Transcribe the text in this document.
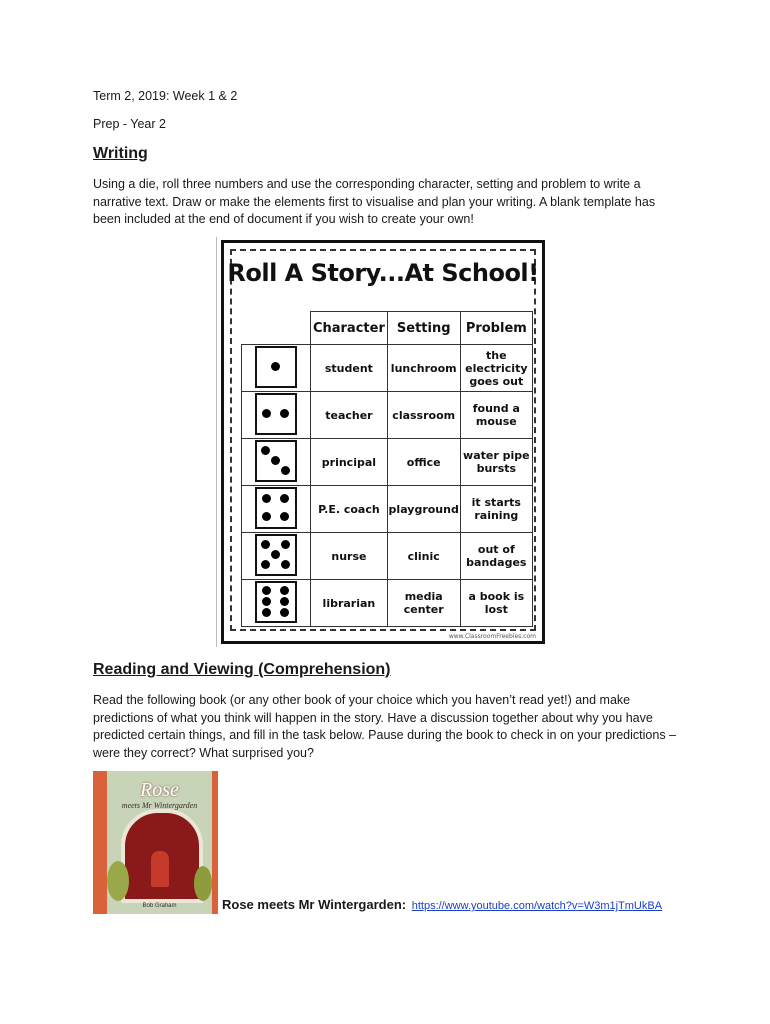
Term 2, 2019: Week 1 & 2
Prep - Year 2
Writing
Using a die, roll three numbers and use the corresponding character, setting and problem to write a narrative text. Draw or make the elements first to visualise and plan your writing. A blank template has been included at the end of document if you wish to create your own!
Roll A Story...At School!
	Character	Setting	Problem

	student	lunchroom	the electricity goes out

	teacher	classroom	found a mouse

	principal	office	water pipe bursts

	P.E. coach	playground	it starts raining

	nurse	clinic	out of bandages

	librarian	media center	a book is lost
www.ClassroomFreebies.com
Reading and Viewing (Comprehension)
Read the following book (or any other book of your choice which you haven’t read yet!) and make predictions of what you think will happen in the story. Have a discussion together about why you have predicted certain things, and fill in the task below. Pause during the book to check in on your predictions – were they correct? What surprised you?
Rose
meets Mr Wintergarden
Bob Graham	Rose meets Mr Wintergarden: https://www.youtube.com/watch?v=W3m1jTmUkBA
